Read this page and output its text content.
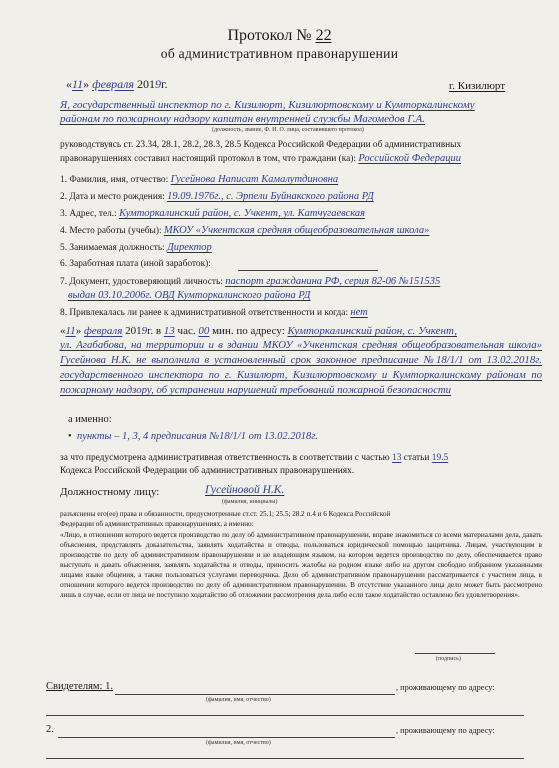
Протокол № 22
об административном правонарушении
«11» февраля 2019г.	г. Кизилюрт
Я, государственный инспектор по г. Кизилюрт, Кизилюртовскому и Кумторкалинскому
районам по пожарному надзору капитан внутренней службы Магомедов Г.А.
(должность, звание, Ф. И. О. лица, составившего протокол)
руководствуясь ст. 23.34, 28.1, 28.2, 28.3, 28.5 Кодекса Российской Федерации об административных
правонарушениях составил настоящий протокол в том, что граждани (ка): Российской Федерации
1. Фамилия, имя, отчество: Гусейнова Написат Камалутдиновна
2. Дата и место рождения: 19.09.1976г., с. Эрпели Буйнакского района РД
3. Адрес, тел.: Кумторкалинский район, с. Учкент, ул. Катчугаевская
4. Место работы (учебы): МКОУ «Учкентская средняя общеобразовательная школа»
5. Занимаемая должность: Директор
6. Заработная плата (иной заработок):
7. Документ, удостоверяющий личность: паспорт гражданина РФ, серия 82-06 №151535
выдан 03.10.2006г. ОВД Кумторкалинского района РД
8. Привлекалась ли ранее к административной ответственности и когда: нет
«11» февраля 2019г. в 13 час. 00 мин. по адресу: Кумторкалинский район, с. Учкент,
ул. Агабабова, на территории и в здании МКОУ «Учкентская средняя общеобразовательная школа» Гусейнова Н.К. не выполнила в установленный срок законное предписание №18/1/1 от 13.02.2018г. государственного инспектора по г. Кизилюрт, Кизилюртовскому и Кумторкалинскому районам по пожарному надзору, об устранении нарушений требований пожарной безопасности
а именно:
•  пункты – 1, 3, 4 предписания №18/1/1 от 13.02.2018г.
за что предусмотрена административная ответственность в соответствии с частью 13 статьи 19.5
Кодекса Российской Федерации об административных правонарушениях.
Должностному лицу:	Гусейновой Н.К.
(фамилия, инициалы)
разъяснены его(ее) права и обязанности, предусмотренные ст.ст. 25.1; 25.5; 28.2 п.4 и 6 Кодекса Российской
Федерации об административных правонарушениях, а именно:
«Лицо, в отношении которого ведется производство по делу об административном правонарушении, вправе знакомиться со всеми материалами дела, давать объяснения, представлять доказательства, заявлять ходатайства и отводы, пользоваться юридической помощью защитника. Лицам, участвующим в производстве по делу об административном правонарушении и не владеющим языком, на котором ведется производство по делу, обеспечивается право выступать и давать объяснения, заявлять ходатайства и отводы, приносить жалобы на родном языке либо на другом свободно избранном указанными лицами языке общения, а также пользоваться услугами переводчика. Дело об административном правонарушении рассматривается с участием лица, в отношении которого ведется производство по делу об административном правонарушении. В отсутствие указанного лица дело может быть рассмотрено лишь в случае, если от лица не поступило ходатайство об отложении рассмотрения дела либо если такое ходатайство оставлено без удовлетворения».
(подпись)
Свидетелям: 1.	, проживающему по адресу:
(фамилия, имя, отчество)
2.	, проживающему по адресу:
(фамилия, имя, отчество)
